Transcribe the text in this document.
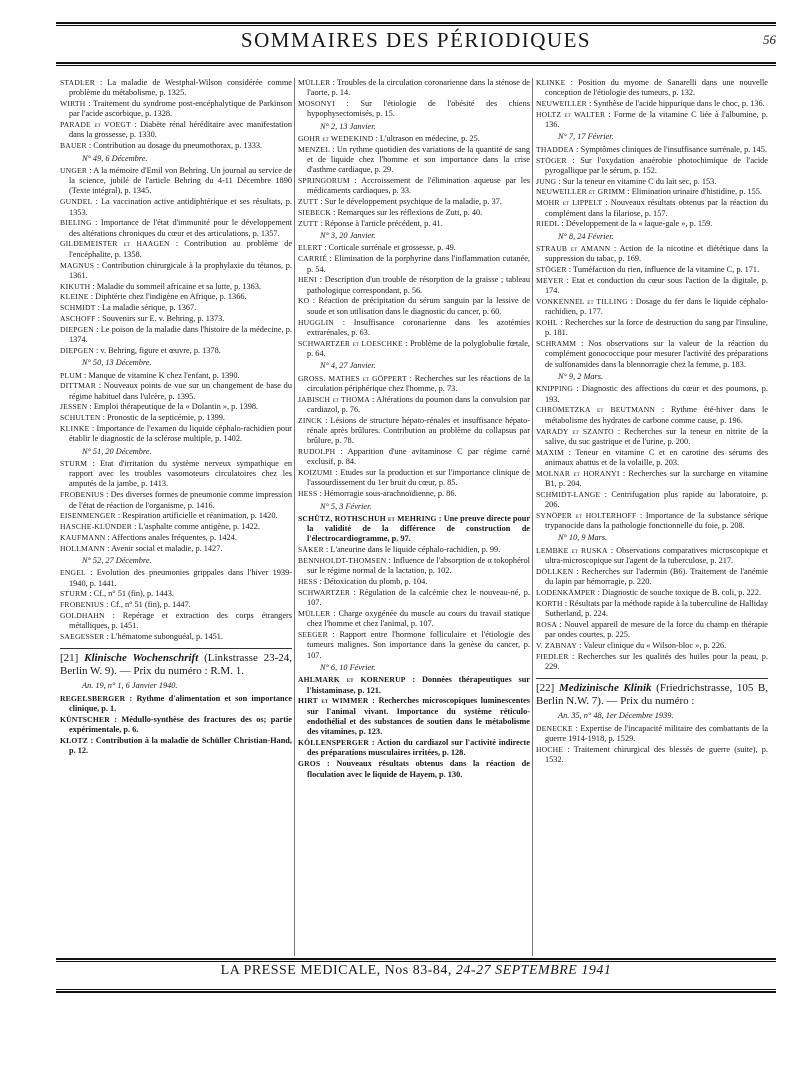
SOMMAIRES DES PÉRIODIQUES	56
STADLER : La maladie de Westphal-Wilson considérée comme problème du métabolisme, p. 1325.
WIRTH : Traitement du syndrome post-encéphalytique de Parkinson par l'acide ascorbique, p. 1328.
PARADE et VOEGT : Diabète rénal héréditaire avec manifestation dans la grossesse, p. 1330.
BAUER : Contribution au dosage du pneumothorax, p. 1333.
N° 49, 6 Décembre.
UNGER : A la mémoire d'Emil von Behring. Un journal au service de la science, jubilé de l'article Behring du 4-11 Décembre 1890 (Texte intégral), p. 1345.
GUNDEL : La vaccination active antidiphtérique et ses résultats, p. 1353.
BIELING : Importance de l'état d'immunité pour le développement des altérations chroniques du cœur et des articulations, p. 1357.
GILDEMEISTER et HAAGEN : Contribution au problème de l'encéphalite, p. 1358.
MAGNUS : Contribution chirurgicale à la prophylaxie du tétanos, p. 1361.
KIKUTH : Maladie du sommeil africaine et sa lutte, p. 1363.
KLEINE : Diphtérie chez l'indigène en Afrique, p. 1366.
SCHMIDT : La maladie sérique, p. 1367.
ASCHOFF : Souvenirs sur E. v. Behring, p. 1373.
DIEPGEN : Le poison de la maladie dans l'histoire de la médecine, p. 1374.
DIEPGEN : v. Behring, figure et œuvre, p. 1378.
N° 50, 13 Décembre.
PLUM : Manque de vitamine K chez l'enfant, p. 1390.
DITTMAR : Nouveaux points de vue sur un changement de base du régime habituel dans l'ulcère, p. 1395.
JESSEN : Emploi thérapeutique de la « Dolantin », p. 1398.
SCHULTEN : Pronostic de la septicémie, p. 1399.
KLINKE : Importance de l'examen du liquide céphalo-rachidien pour établir le diagnostic de la sclérose multiple, p. 1402.
N° 51, 20 Décembre.
STURM : Etat d'irritation du système nerveux sympathique en rapport avec les troubles vasomoteurs circulatoires chez les amputés de la jambe, p. 1413.
FROBENIUS : Des diverses formes de pneumonie comme impression de l'état de réaction de l'organisme, p. 1416.
EISENMENGER : Respiration artificielle et réanimation, p. 1420.
HASCHE-KLÜNDER : L'asphalte comme antigène, p. 1422.
KAUFMANN : Affections anales fréquentes, p. 1424.
HOLLMANN : Avenir social et maladie, p. 1427.
N° 52, 27 Décembre.
ENGEL : Evolution des pneumonies grippales dans l'hiver 1939-1940, p. 1441.
STURM : Cf., n° 51 (fin), p. 1443.
FROBENIUS : Cf., n° 51 (fin), p. 1447.
GOLDHAHN : Repérage et extraction des corps étrangers métalliques, p. 1451.
SAEGESSER : L'hématome subonguéal, p. 1451.
[21] Klinische Wochenschrift (Linkstrasse 23-24, Berlin W. 9). — Prix du numéro : R.M. 1.
An. 19, n° 1, 6 Janvier 1940.
REGELSBERGER : Rythme d'alimentation et son importance clinique, p. 1.
KÜNTSCHER : Médullo-synthèse des fractures des os; partie expérimentale, p. 6.
KLOTZ : Contribution à la maladie de Schüller Christian-Hand, p. 12.
MÜLLER : Troubles de la circulation coronarienne dans la sténose de l'aorte, p. 14.
MOSONYI : Sur l'étiologie de l'obésité des chiens hypophysectomisés, p. 15.
N° 2, 13 Janvier.
GOHR et WEDEKIND : L'ultrason en médecine, p. 25.
MENZEL : Un rythme quotidien des variations de la quantité de sang et de liquide chez l'homme et son importance dans la crise d'asthme cardiaque, p. 29.
SPRINGORUM : Accroissement de l'élimination aqueuse par les médicaments cardiaques, p. 33.
ZUTT : Sur le développement psychique de la maladie, p. 37.
SIEBECK : Remarques sur les réflexions de Zutt, p. 40.
ZUTT : Réponse à l'article précédent, p. 41.
N° 3, 20 Janvier.
ELERT : Corticale surrénale et grossesse, p. 49.
CARRIÉ : Elimination de la porphyrine dans l'inflammation cutanée, p. 54.
HENI : Description d'un trouble de résorption de la graisse ; tableau pathologique correspondant, p. 56.
KO : Réaction de précipitation du sérum sanguin par la lessive de soude et son utilisation dans le diagnostic du cancer, p. 60.
HUGGLIN : Insuffisance coronarienne dans les azotémies extrarénales, p. 63.
SCHWARTZER et LOESCHKE : Problème de la polyglobulie fœtale, p. 64.
N° 4, 27 Janvier.
GROSS, MATHES et GÖPPERT : Recherches sur les réactions de la circulation périphérique chez l'homme, p. 73.
JABISCH et THOMA : Altérations du poumon dans la convulsion par cardiazol, p. 76.
ZINCK : Lésions de structure hépato-rénales et insuffisance hépato-rénale après brûlures. Contribution au problème du collapsus par brûlure, p. 78.
RUDOLPH : Apparition d'une avitaminose C par régime carné exclusif, p. 84.
KOIZUMI : Etudes sur la production et sur l'importance clinique de l'assourdissement du 1er bruit du cœur, p. 85.
HESS : Hémorragie sous-arachnoïdienne, p. 86.
N° 5, 3 Février.
SCHÜTZ, ROTHSCHUH et MEHRING : Une preuve directe pour la validité de la différence de construction de l'électrocardiogramme, p. 97.
SÄKER : L'aneurine dans le liquide céphalo-rachidien, p. 99.
BENNHOLDT-THOMSEN : Influence de l'absorption de α tokophérol sur le régime normal de la lactation, p. 102.
HESS : Détoxication du plomb, p. 104.
SCHWARTZER : Régulation de la calcémie chez le nouveau-né, p. 107.
MÜLLER : Charge oxygénée du muscle au cours du travail statique chez l'homme et chez l'animal, p. 107.
SEEGER : Rapport entre l'hormone folliculaire et l'étiologie des tumeurs malignes. Son importance dans la genèse du cancer, p. 107.
N° 6, 10 Février.
AHLMARK et KORNERUP : Données thérapeutiques sur l'histaminase, p. 121.
HIRT et WIMMER : Recherches microscopiques luminescentes sur l'animal vivant. Importance du système réticulo-endothélial et des substances de soutien dans le métabolisme des vitamines, p. 123.
KÖLLENSPERGER : Action du cardiazol sur l'activité indirecte des préparations musculaires irritées, p. 128.
GROS : Nouveaux résultats obtenus dans la réaction de floculation avec le liquide de Hayem, p. 130.
KLINKE : Position du myome de Sanarelli dans une nouvelle conception de l'étiologie des tumeurs, p. 132.
NEUWEILLER : Synthèse de l'acide hippurique dans le choc, p. 136.
HOLTZ et WALTER : Forme de la vitamine C liée à l'albumine, p. 136.
N° 7, 17 Février.
THADDEA : Symptômes cliniques de l'insuffisance surrénale, p. 145.
STÖGER : Sur l'oxydation anaérobie photochimique de l'acide pyrogallique par le sérum, p. 152.
JUNG : Sur la teneur en vitamine C du lait sec, p. 153.
NEUWEILLER et GRIMM : Elimination urinaire d'histidine, p. 155.
MOHR et LIPPELT : Nouveaux résultats obtenus par la réaction du complément dans la filariose, p. 157.
RIEDL : Développement de la « laque-gale », p. 159.
N° 8, 24 Février.
STRAUB et AMANN : Action de la nicotine et diététique dans la suppression du tabac, p. 169.
STÖGER : Tuméfaction du rien, influence de la vitamine C, p. 171.
MEYER : Etat et conduction du cœur sous l'action de la digitale, p. 174.
VONKENNEL et TILLING : Dosage du fer dans le liquide céphalo-rachidien, p. 177.
KOHL : Recherches sur la force de destruction du sang par l'insuline, p. 181.
SCHRAMM : Nos observations sur la valeur de la réaction du complément gonococcique pour mesurer l'activité des préparations de sulfonamides dans la blennorragie chez la femme, p. 183.
N° 9, 2 Mars.
KNIPPING : Diagnostic des affections du cœur et des poumons, p. 193.
CHROMETZKA et BEUTMANN : Rythme été-hiver dans le métabolisme des hydrates de carbone comme cause, p. 196.
VARADY et SZANTO : Recherches sur la teneur en nitrite de la salive, du suc gastrique et de l'urine, p. 200.
MAXIM : Teneur en vitamine C et en carotine des sérums des animaux abattus et de la volaille, p. 203.
MOLNAR et HORANYI : Recherches sur la surcharge en vitamine B1, p. 204.
SCHMIDT-LANGE : Centrifugation plus rapide au laboratoire, p. 206.
SYNÖPER et HOLTERHOFF : Importance de la substance sérique trypanocide dans la pathologie fonctionnelle du foie, p. 208.
N° 10, 9 Mars.
LEMBKE et RUSKA : Observations comparatives microscopique et ultra-microscopique sur l'agent de la tuberculose, p. 217.
DÖLLKEN : Recherches sur l'adermin (B6). Traitement de l'anémie du lapin par hémorragie, p. 220.
LODENKÄMPER : Diagnostic de souche toxique de B. coli, p. 222.
KORTH : Résultats par la méthode rapide à la tuberculine de Halliday Sutherland, p. 224.
ROSA : Nouvel appareil de mesure de la force du champ en thérapie par ondes courtes, p. 225.
V. ZABNAY : Valeur clinique du « Wilson-bloc », p. 226.
FIEDLER : Recherches sur les qualités des huiles pour la peau, p. 229.
[22] Medizinische Klinik (Friedrichstrasse, 105 B, Berlin N.W. 7). — Prix du numéro :
An. 35, n° 48, 1er Décembre 1939.
DENECKE : Expertise de l'incapacité militaire des combattants de la guerre 1914-1918, p. 1529.
HOCHE : Traitement chirurgical des blessés de guerre (suite), p. 1532.
LA PRESSE MEDICALE, Nos 83-84, 24-27 SEPTEMBRE 1941
